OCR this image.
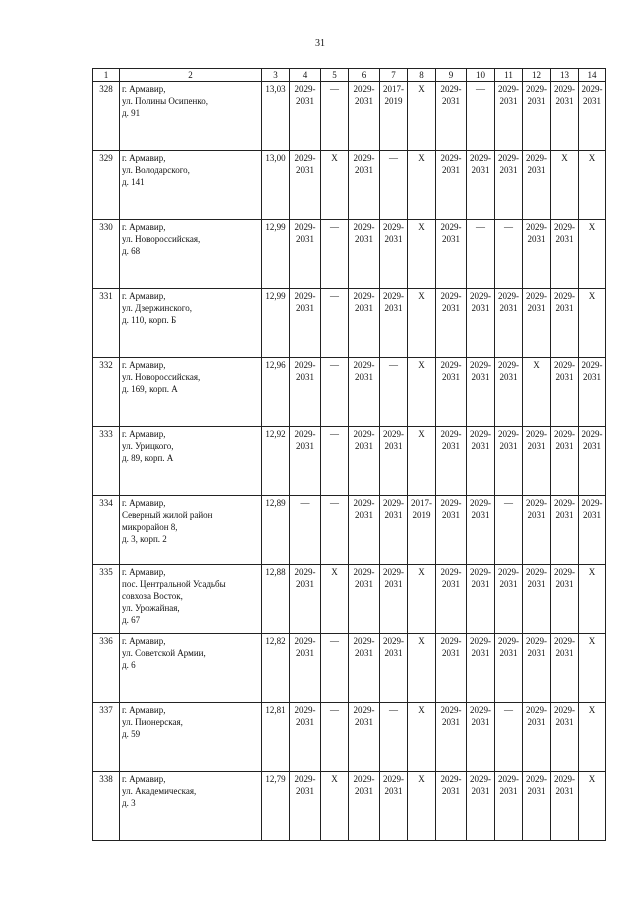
31
1	2	3	4	5	6	7	8	9	10	11	12	13	14
328	г. Армавир,
ул. Полины Осипенко,
д. 91	13,03	2029-
2031	—	2029-
2031	2017-
2019	X	2029-
2031	—	2029-
2031	2029-
2031	2029-
2031	2029-
2031
329	г. Армавир,
ул. Володарского,
д. 141	13,00	2029-
2031	X	2029-
2031	—	X	2029-
2031	2029-
2031	2029-
2031	2029-
2031	X	X
330	г. Армавир,
ул. Новороссийская,
д. 68	12,99	2029-
2031	—	2029-
2031	2029-
2031	X	2029-
2031	—	—	2029-
2031	2029-
2031	X
331	г. Армавир,
ул. Дзержинского,
д. 110, корп. Б	12,99	2029-
2031	—	2029-
2031	2029-
2031	X	2029-
2031	2029-
2031	2029-
2031	2029-
2031	2029-
2031	X
332	г. Армавир,
ул. Новороссийская,
д. 169, корп. А	12,96	2029-
2031	—	2029-
2031	—	X	2029-
2031	2029-
2031	2029-
2031	X	2029-
2031	2029-
2031
333	г. Армавир,
ул. Урицкого,
д. 89, корп. А	12,92	2029-
2031	—	2029-
2031	2029-
2031	X	2029-
2031	2029-
2031	2029-
2031	2029-
2031	2029-
2031	2029-
2031
334	г. Армавир,
Северный жилой район
микрорайон 8,
д. 3, корп. 2	12,89	—	—	2029-
2031	2029-
2031	2017-
2019	2029-
2031	2029-
2031	—	2029-
2031	2029-
2031	2029-
2031
335	г. Армавир,
пос. Центральной Усадьбы
совхоза Восток,
ул. Урожайная,
д. 67	12,88	2029-
2031	X	2029-
2031	2029-
2031	X	2029-
2031	2029-
2031	2029-
2031	2029-
2031	2029-
2031	X
336	г. Армавир,
ул. Советской Армии,
д. 6	12,82	2029-
2031	—	2029-
2031	2029-
2031	X	2029-
2031	2029-
2031	2029-
2031	2029-
2031	2029-
2031	X
337	г. Армавир,
ул. Пионерская,
д. 59	12,81	2029-
2031	—	2029-
2031	—	X	2029-
2031	2029-
2031	—	2029-
2031	2029-
2031	X
338	г. Армавир,
ул. Академическая,
д. 3	12,79	2029-
2031	X	2029-
2031	2029-
2031	X	2029-
2031	2029-
2031	2029-
2031	2029-
2031	2029-
2031	X
